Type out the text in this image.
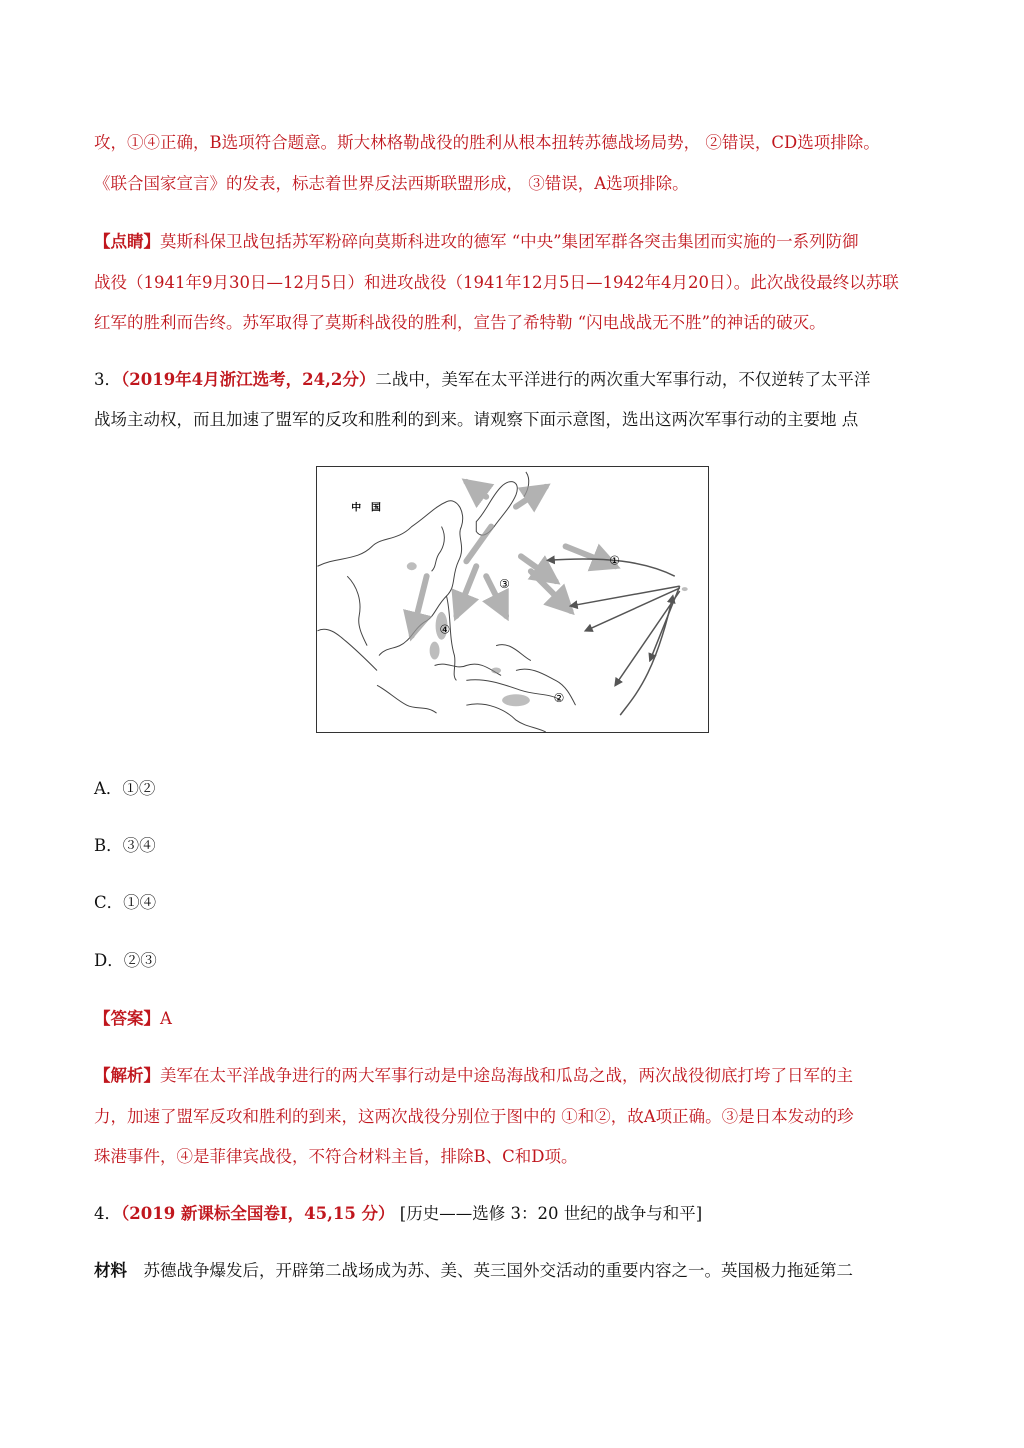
攻，①④正确，B选项符合题意。斯大林格勒战役的胜利从根本扭转苏德战场局势， ②错误，CD选项排除。
《联合国家宣言》的发表，标志着世界反法西斯联盟形成， ③错误，A选项排除。
【点睛】莫斯科保卫战包括苏军粉碎向莫斯科进攻的德军 “中央”集团军群各突击集团而实施的一系列防御
战役（1941年9月30日—12月5日）和进攻战役（1941年12月5日—1942年4月20日）。此次战役最终以苏联
红军的胜利而告终。苏军取得了莫斯科战役的胜利，宣告了希特勒 “闪电战战无不胜”的神话的破灭。
3．（2019年4月浙江选考，24,2分）二战中，美军在太平洋进行的两次重大军事行动，不仅逆转了太平洋
战场主动权，而且加速了盟军的反攻和胜利的到来。请观察下面示意图，选出这两次军事行动的主要地 点
中　国
①
②
③
④
A．①②
B．③④
C．①④
D．②③
【答案】A
【解析】美军在太平洋战争进行的两大军事行动是中途岛海战和瓜岛之战，两次战役彻底打垮了日军的主
力，加速了盟军反攻和胜利的到来，这两次战役分别位于图中的 ①和②，故A项正确。③是日本发动的珍
珠港事件，④是菲律宾战役，不符合材料主旨，排除B、C和D项。
4．（2019 新课标全国卷I，45,15 分） [历史——选修 3：20 世纪的战争与和平]
材料　苏德战争爆发后，开辟第二战场成为苏、美、英三国外交活动的重要内容之一。英国极力拖延第二
